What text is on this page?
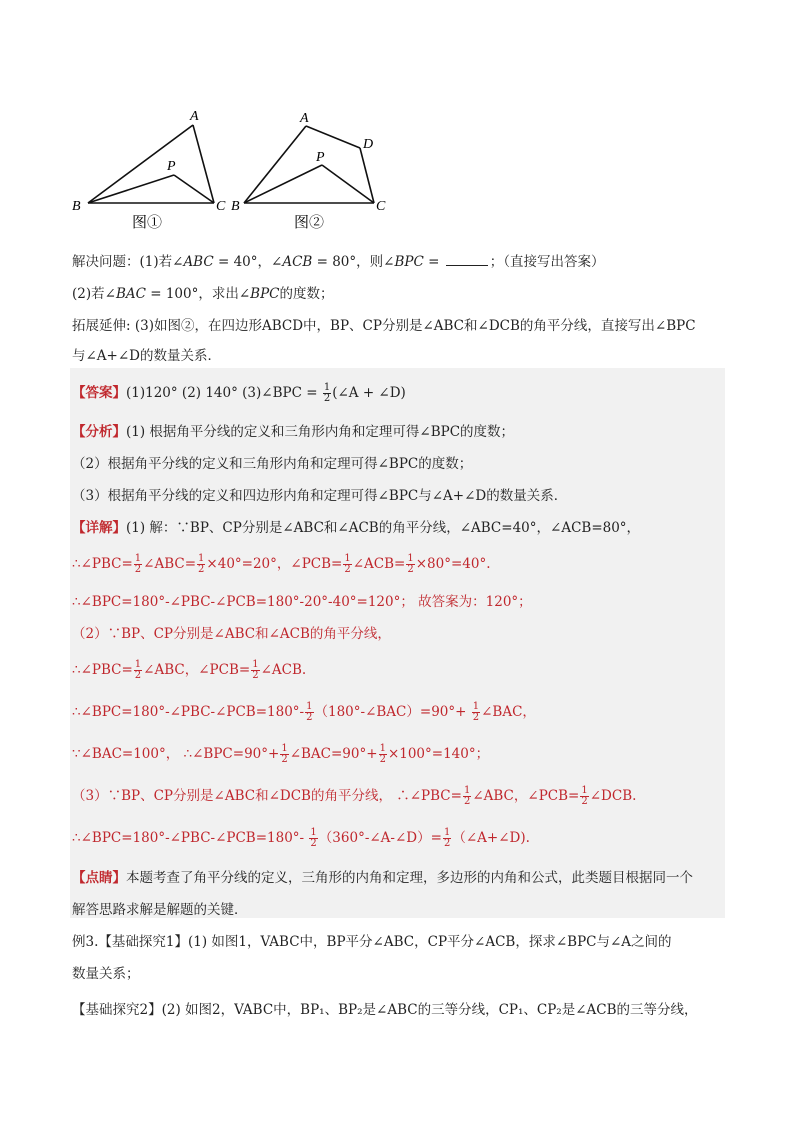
A
B	C
P
图①
A
B	C
D
P
图②
解决问题：(1)若∠ABC = 40°，∠ACB = 80°，则∠BPC =	；（直接写出答案）
(2)若∠BAC = 100°，求出∠BPC的度数；
拓展延伸: (3)如图②，在四边形ABCD中，BP、CP分别是∠ABC和∠DCB的角平分线，直接写出∠BPC
与∠A+∠D的数量关系．
【答案】(1)120° (2) 140° (3)∠BPC = $\frac{1}{2}$ (∠A + ∠D)
【分析】(1) 根据角平分线的定义和三角形内角和定理可得∠BPC的度数；
（2）根据角平分线的定义和三角形内角和定理可得∠BPC的度数；
（3）根据角平分线的定义和四边形内角和定理可得∠BPC与∠A+∠D的数量关系．
【详解】(1) 解：∵BP、CP分别是∠ABC和∠ACB的角平分线，∠ABC=40°，∠ACB=80°，
∴∠PBC= $\frac{1}{2}$ ∠ABC= $\frac{1}{2} \times 40^\circ=20^\circ$，∠PCB= $\frac{1}{2}$ ∠ACB= $\frac{1}{2} \times 80^\circ=40^\circ$.
∴∠BPC=180°-∠PBC-∠PCB=180°-20°-40°=120°； 故答案为：120°；
（2）∵BP、CP分别是∠ABC和∠ACB的角平分线，
∴∠PBC= $\frac{1}{2}$ ∠ABC，∠PCB= $\frac{1}{2}$ ∠ACB.
∴∠BPC=180°-∠PBC-∠PCB=180°- $\frac{1}{2}$ （180°-∠BAC）=90°+ $\frac{1}{2}$ ∠BAC，
∵∠BAC=100°， ∴∠BPC=90°+ $\frac{1}{2}$ ∠BAC=90°+ $\frac{1}{2} \times 100^\circ=140^\circ$；
（3）∵BP、CP分别是∠ABC和∠DCB的角平分线， ∴∠PBC= $\frac{1}{2}$ ∠ABC，∠PCB= $\frac{1}{2}$ ∠DCB.
∴∠BPC=180°-∠PBC-∠PCB=180°- $\frac{1}{2}$ （360°-∠A-∠D）= $\frac{1}{2}$ （∠A+∠D).
【点睛】本题考查了角平分线的定义，三角形的内角和定理，多边形的内角和公式，此类题目根据同一个
解答思路求解是解题的关键．
例3.【基础探究1】(1) 如图1，VABC中，BP平分∠ABC，CP平分∠ACB，探求∠BPC与∠A之间的
数量关系；
【基础探究2】(2) 如图2，VABC中，BP₁、BP₂是∠ABC的三等分线，CP₁、CP₂是∠ACB的三等分线，
